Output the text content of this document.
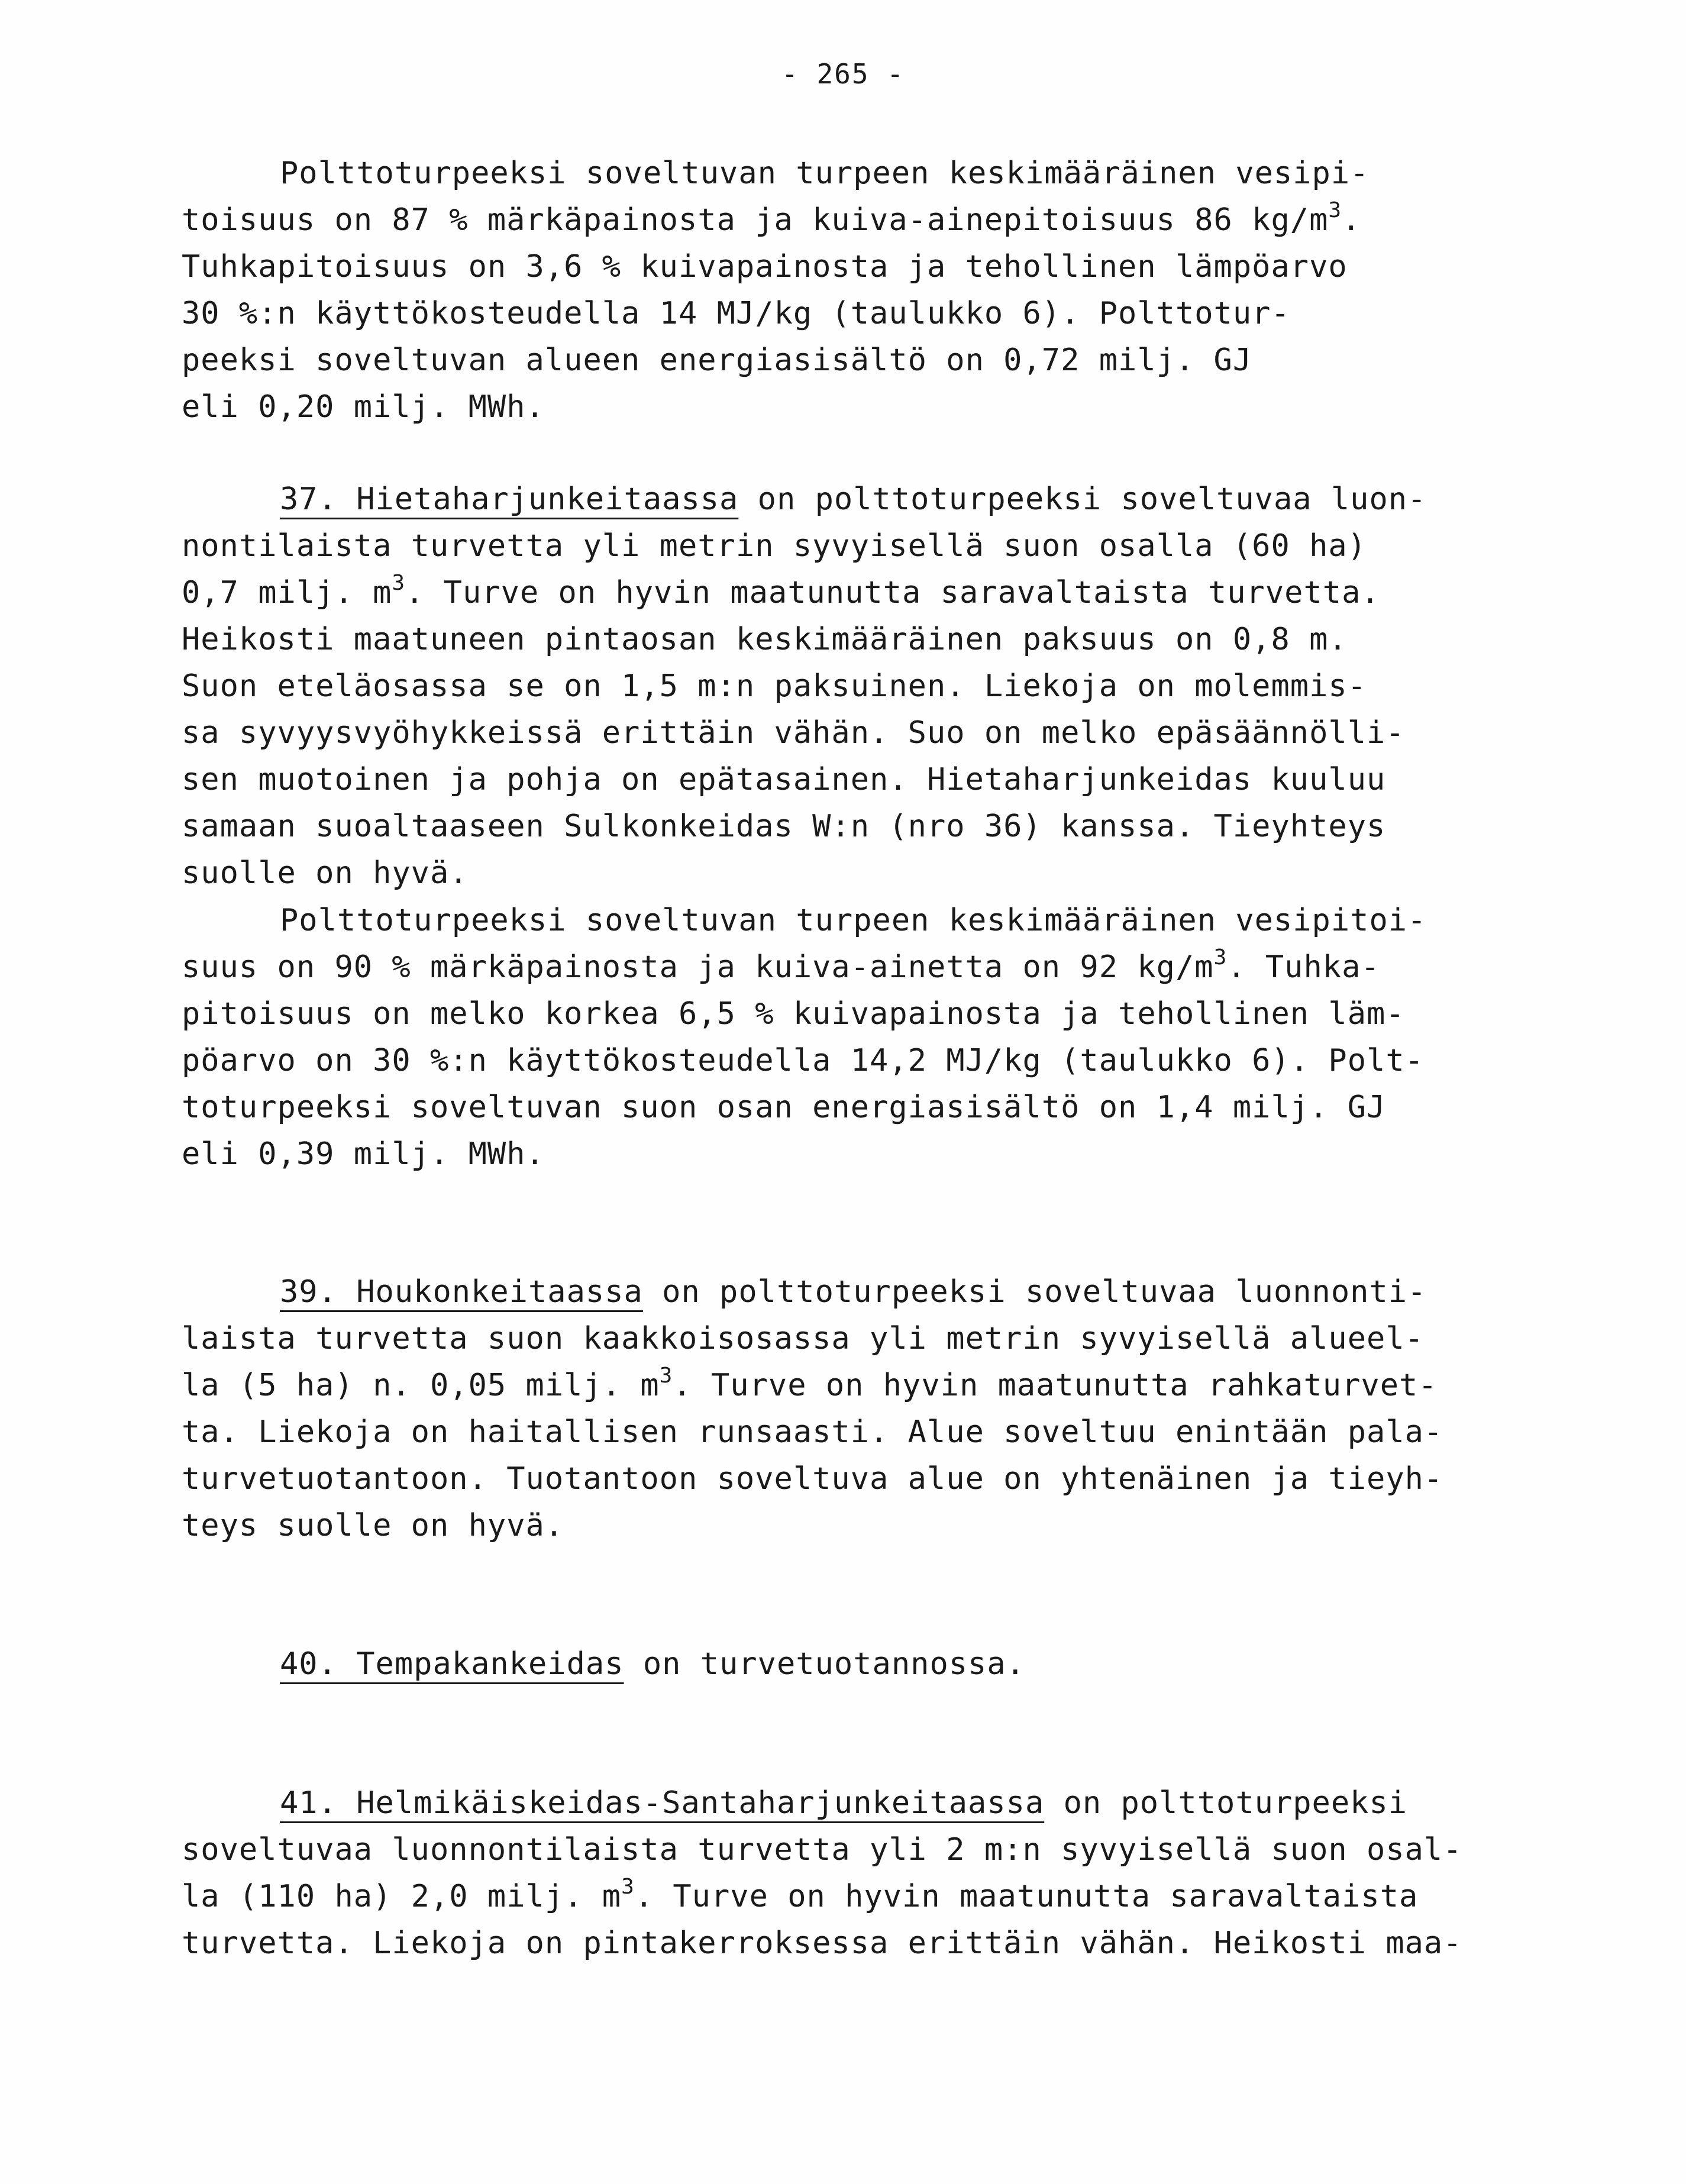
- 265 -
Polttoturpeeksi soveltuvan turpeen keskimääräinen vesipi-
toisuus on 87 % märkäpainosta ja kuiva-ainepitoisuus 86 $kg/m^3$.
Tuhkapitoisuus on 3,6 % kuivapainosta ja tehollinen lämpöarvo
30 %:n käyttökosteudella 14 MJ/kg (taulukko 6). Polttotur-
peeksi soveltuvan alueen energiasisältö on 0,72 milj. GJ
eli 0,20 milj. MWh.
37. Hietaharjunkeitaassa on polttoturpeeksi soveltuvaa luon-
nontilaista turvetta yli metrin syvyisellä suon osalla (60 ha)
0,7 milj. $m^3$. Turve on hyvin maatunutta saravaltaista turvetta.
Heikosti maatuneen pintaosan keskimääräinen paksuus on 0,8 m.
Suon eteläosassa se on 1,5 m:n paksuinen. Liekoja on molemmis-
sa syvyysvyöhykkeissä erittäin vähän. Suo on melko epäsäännölli-
sen muotoinen ja pohja on epätasainen. Hietaharjunkeidas kuuluu
samaan suoaltaaseen Sulkonkeidas W:n (nro 36) kanssa. Tieyhteys
suolle on hyvä.
Polttoturpeeksi soveltuvan turpeen keskimääräinen vesipitoi-
suus on 90 % märkäpainosta ja kuiva-ainetta on 92 $kg/m^3$. Tuhka-
pitoisuus on melko korkea 6,5 % kuivapainosta ja tehollinen läm-
pöarvo on 30 %:n käyttökosteudella 14,2 MJ/kg (taulukko 6). Polt-
toturpeeksi soveltuvan suon osan energiasisältö on 1,4 milj. GJ
eli 0,39 milj. MWh.
39. Houkonkeitaassa on polttoturpeeksi soveltuvaa luonnonti-
laista turvetta suon kaakkoisosassa yli metrin syvyisellä alueel-
la (5 ha) n. 0,05 milj. $m^3$. Turve on hyvin maatunutta rahkaturvet-
ta. Liekoja on haitallisen runsaasti. Alue soveltuu enintään pala-
turvetuotantoon. Tuotantoon soveltuva alue on yhtenäinen ja tieyh-
teys suolle on hyvä.
40. Tempakankeidas on turvetuotannossa.
41. Helmikäiskeidas-Santaharjunkeitaassa on polttoturpeeksi
soveltuvaa luonnontilaista turvetta yli 2 m:n syvyisellä suon osal-
la (110 ha) 2,0 milj. $m^3$. Turve on hyvin maatunutta saravaltaista
turvetta. Liekoja on pintakerroksessa erittäin vähän. Heikosti maa-
